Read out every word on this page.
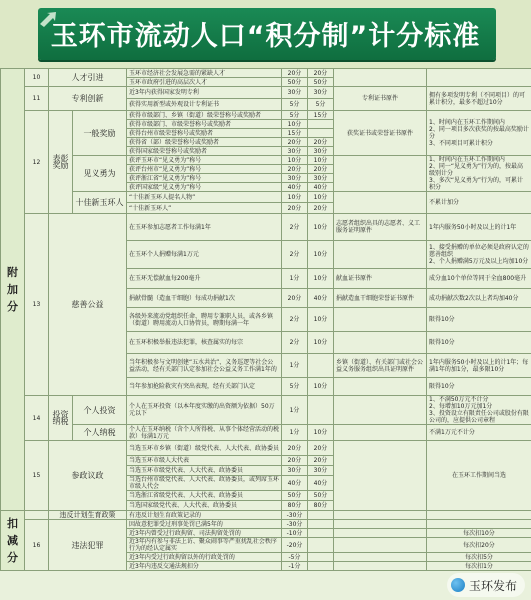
玉环市流动人口“积分制”计分标准
附
加
分	10	人才引进		玉环市经济社会发展急需的紧缺人才	20分	20分		
				玉环市政府引进的高层次人才	50分	50分		
	11	专利创新		近3年内获得国家发明专利	30分	30分	专利证书原件	拥有多项发明专利（不同项目）的可累计积分，最多不超过10分
				获得实用新型或外观设计专利证书	5分	5分		
	12	表彰奖励	一般奖励	获得市级部门、乡镇（街道）级荣誉称号或奖励者	5分	15分	获奖证书或荣誉证书原件	1、时间内在玉环工作期间内
2、同一项目多次获奖的按最高奖励计分
3、不同项目可累计积分
				获得市级部门、市级荣誉称号或奖励者	10分			
				获得台州市级荣誉称号或奖励者	15分			
				获得省（部）级荣誉称号或奖励者	20分	20分		
				获得国家级荣誉称号或奖励者	30分	30分		
			见义勇为	获评玉环市“见义勇为”称号	10分	10分		1、时间内在玉环工作期间内
2、同一“见义勇为”行为的，按最高级别计分
3、多次“见义勇为”行为的，可累计积分
				获评台州市“见义勇为”称号	20分	20分		
				获评浙江省“见义勇为”称号	30分	30分		
				获评国家级“见义勇为”称号	40分	40分		
			十佳新玉环人	“十佳新玉环人提名人物”	10分	10分		不累计加分
				“十佳新玉环人”	20分	20分		
	13	慈善公益		在玉环参加志愿者工作每满1年	2分	10分	志愿者组织出具的志愿者、义工服务证明原件	1年内服务50小时及以上的计1年
				在玉环个人捐赠每满1万元	2分	10分		1、接受捐赠的单位必须是政府认定的慈善组织
2、个人捐赠满5万元及以上均加10分
				在玉环无偿献血每200毫升	1分	10分	献血证书原件	成分血10个单位等同于全血800毫升
				捐献骨髓（造血干细胞）每成功捐献1次	20分	40分	捐献造血干细胞荣誉证书原件	成功捐献次数2次以上者均加40分
				各级外来流动党组织任命、聘用专兼职人员，或各乡镇（街道）聘用流动人口协管员，聘期每满一年	2分	10分		限得10分
				在玉环积极举报违法犯罪，核查属实的每宗	2分	10分		限得10分
				当年积极参与文明创建“五水共治”、义务巡逻等社会公益活动，经有关部门认定参加社会公益义务工作满1年的	1分		乡镇（街道）、有关部门或社会公益义务服务组织出具证明原件	1年内服务50小时及以上的计1年；每满1年的加1分，最多限10分
				当年参加抢险救灾有突出表现，经有关部门认定	5分	10分		限得10分
	14	投资纳税	个人投资	个人在玉环投资（以本年度实缴的出资额为依据）50万元以下	1分			1、不满50万元不计分
2、每增加10万元加1分
3、投资设立有限责任公司或股份有限公司的，应提供公司章程
			个人纳税	个人在玉环纳税（含个人所得税、从事个体经营活动的税款）每满1万元	1分	10分		不满1万元不计分
	15	参政议政		当选玉环市乡镇（街道）级党代表、人大代表、政协委员	20分	20分		在玉环工作期间当选
				当选玉环市级人大代表	20分	20分		
				当选玉环市级党代表、人大代表、政协委员	30分	30分		
				当选台州市级党代表、人大代表、政协委员，或列席玉环市级人代会	40分	40分		
				当选浙江省级党代表、人大代表、政协委员	50分	50分		
				当选国家级党代表、人大代表、政协委员	80分	80分		
扣
减
分		违反计划生育政策		有违反计划生育政策记录的	-30分			
	16	违法犯罪		因故意犯罪受过刑事处罚已满5年的	-30分			
				近3年内曾受过行政拘留、司法拘留处罚的	-10分			每次扣10分
				近3年内有参与非法上访、聚众闹事等严重扰乱社会秩序行为的经认定属实	-20分			每次扣20分
				近3年内受过行政拘留以外的行政处罚的	-5分			每次扣5分
				近3年内违反交通法规扣分	-1分			每次扣1分
玉环发布
